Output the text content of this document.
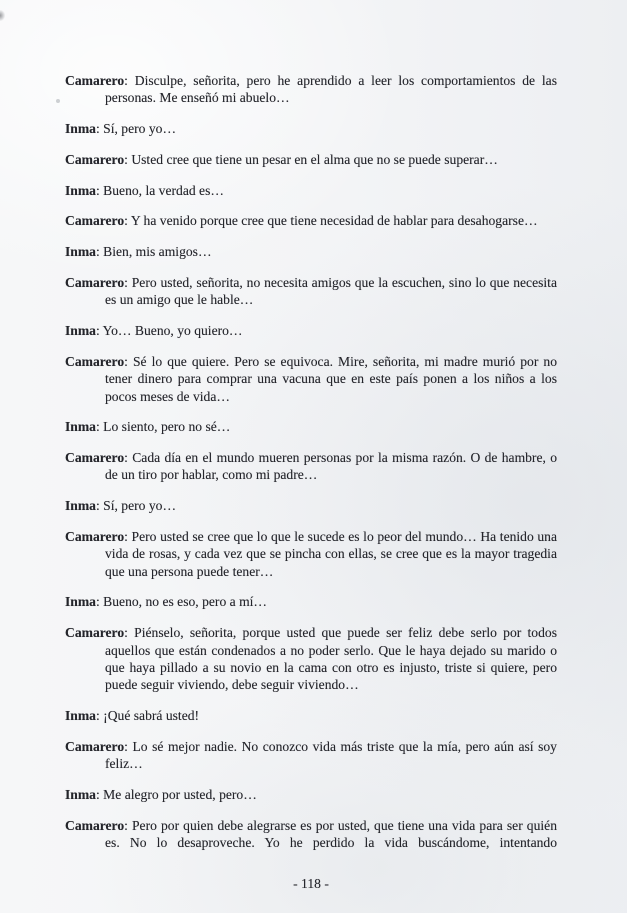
Camarero: Disculpe, señorita, pero he aprendido a leer los comportamientos de las personas. Me enseñó mi abuelo…

Inma: Sí, pero yo…

Camarero: Usted cree que tiene un pesar en el alma que no se puede superar…

Inma: Bueno, la verdad es…

Camarero: Y ha venido porque cree que tiene necesidad de hablar para desahogarse…

Inma: Bien, mis amigos…

Camarero: Pero usted, señorita, no necesita amigos que la escuchen, sino lo que necesita es un amigo que le hable…

Inma: Yo… Bueno, yo quiero…

Camarero: Sé lo que quiere. Pero se equivoca. Mire, señorita, mi madre murió por no tener dinero para comprar una vacuna que en este país ponen a los niños a los pocos meses de vida…

Inma: Lo siento, pero no sé…

Camarero: Cada día en el mundo mueren personas por la misma razón. O de hambre, o de un tiro por hablar, como mi padre…

Inma: Sí, pero yo…

Camarero: Pero usted se cree que lo que le sucede es lo peor del mundo… Ha tenido una vida de rosas, y cada vez que se pincha con ellas, se cree que es la mayor tragedia que una persona puede tener…

Inma: Bueno, no es eso, pero a mí…

Camarero: Piénselo, señorita, porque usted que puede ser feliz debe serlo por todos aquellos que están condenados a no poder serlo. Que le haya dejado su marido o que haya pillado a su novio en la cama con otro es injusto, triste si quiere, pero puede seguir viviendo, debe seguir viviendo…

Inma: ¡Qué sabrá usted!

Camarero: Lo sé mejor nadie. No conozco vida más triste que la mía, pero aún así soy feliz…

Inma: Me alegro por usted, pero…

Camarero: Pero por quien debe alegrarse es por usted, que tiene una vida para ser quién es. No lo desaproveche. Yo he perdido la vida buscándome, intentando

- 118 -
